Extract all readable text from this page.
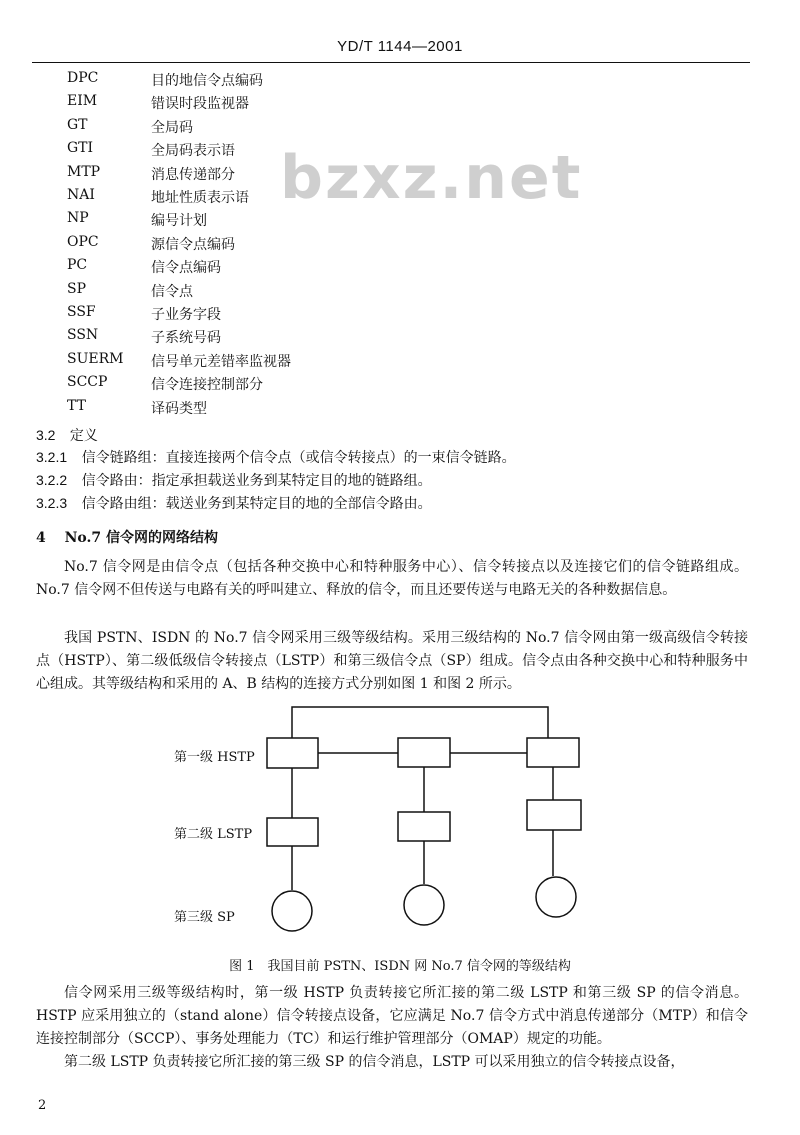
YD/T 1144—2001
bzxz.net
DPC	目的地信令点编码
EIM	错误时段监视器
GT	全局码
GTI	全局码表示语
MTP	消息传递部分
NAI	地址性质表示语
NP	编号计划
OPC	源信令点编码
PC	信令点编码
SP	信令点
SSF	子业务字段
SSN	子系统号码
SUERM	信号单元差错率监视器
SCCP	信令连接控制部分
TT	译码类型
3.2 定义
3.2.1 信令链路组：直接连接两个信令点（或信令转接点）的一束信令链路。
3.2.2 信令路由：指定承担载送业务到某特定目的地的链路组。
3.2.3 信令路由组：载送业务到某特定目的地的全部信令路由。
4 No.7 信令网的网络结构
No.7 信令网是由信令点（包括各种交换中心和特种服务中心）、信令转接点以及连接它们的信令链路组成。 No.7 信令网不但传送与电路有关的呼叫建立、释放的信令，而且还要传送与电路无关的各种数据信息。
我国 PSTN、ISDN 的 No.7 信令网采用三级等级结构。采用三级结构的 No.7 信令网由第一级高级信令转接点（HSTP）、第二级低级信令转接点（LSTP）和第三级信令点（SP）组成。信令点由各种交换中心和特种服务中心组成。其等级结构和采用的 A、B 结构的连接方式分别如图 1 和图 2 所示。
第一级 HSTP
第二级 LSTP
第三级 SP
图 1　我国目前 PSTN、ISDN 网 No.7 信令网的等级结构
信令网采用三级等级结构时，第一级 HSTP 负责转接它所汇接的第二级 LSTP 和第三级 SP 的信令消息。HSTP 应采用独立的（stand alone）信令转接点设备，它应满足 No.7 信令方式中消息传递部分（MTP）和信令连接控制部分（SCCP）、事务处理能力（TC）和运行维护管理部分（OMAP）规定的功能。
第二级 LSTP 负责转接它所汇接的第三级 SP 的信令消息，LSTP 可以采用独立的信令转接点设备，
2
